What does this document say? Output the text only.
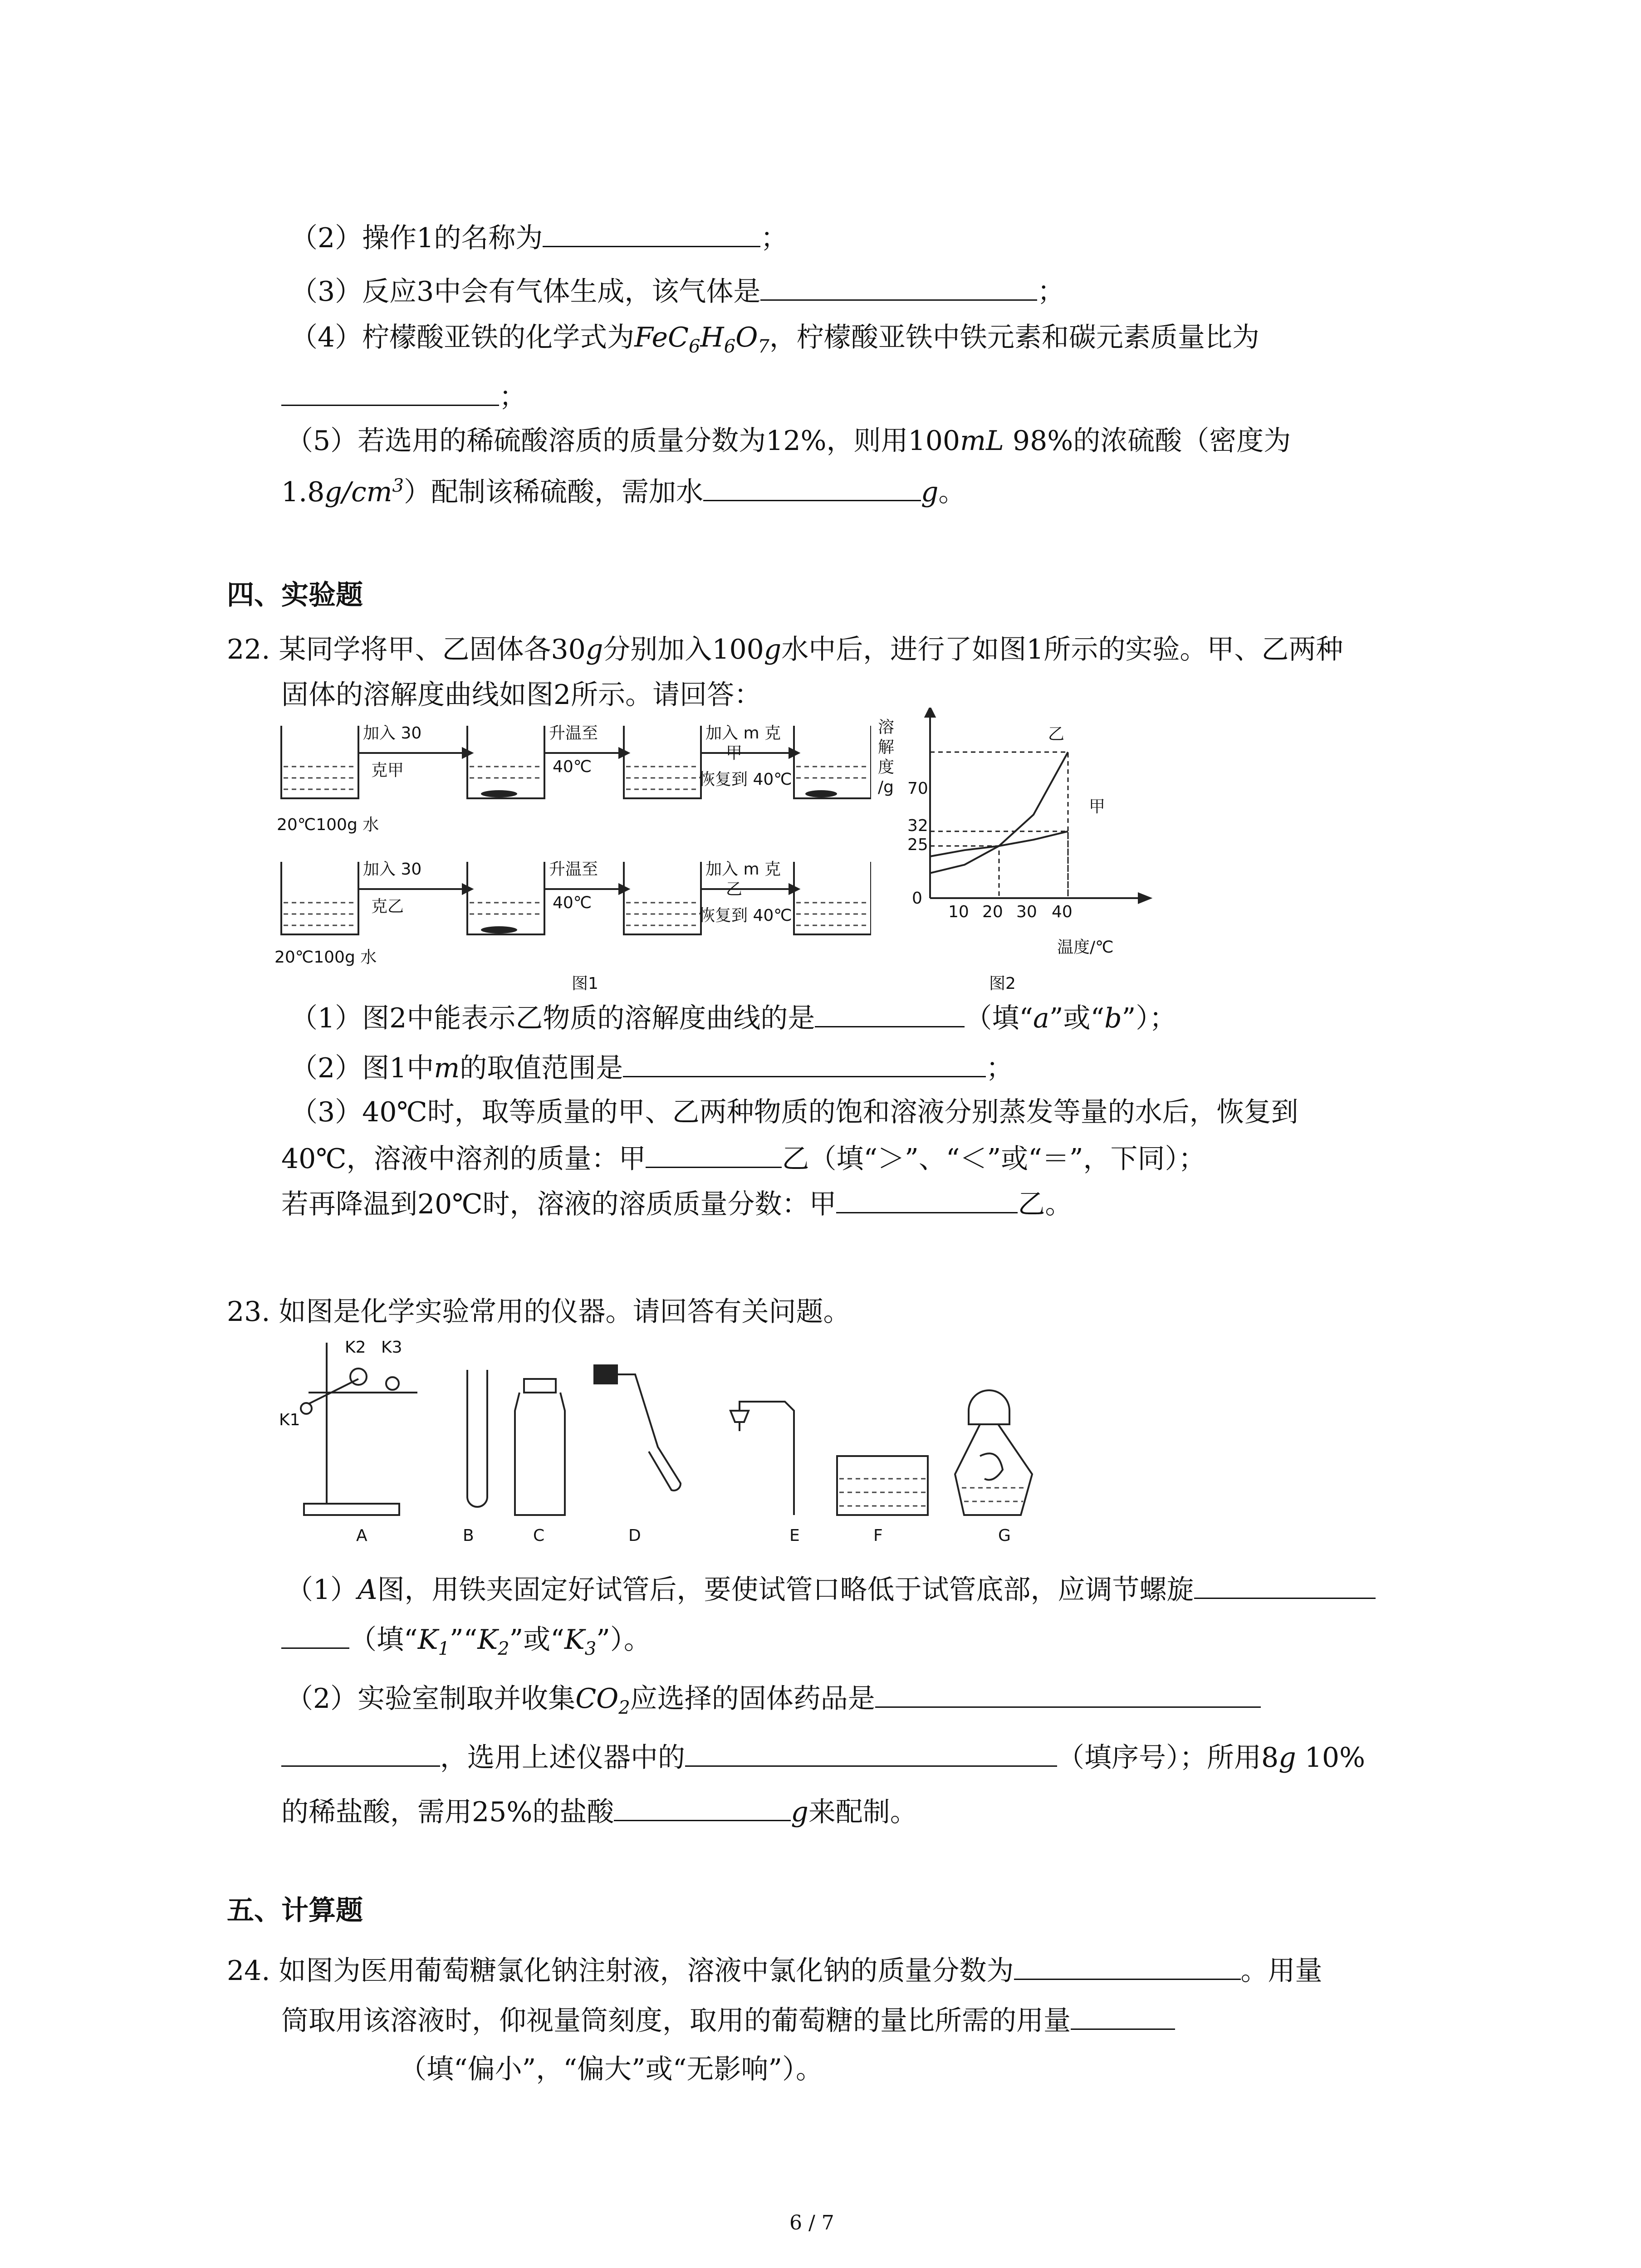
（2）操作1的名称为	；
（3）反应3中会有气体生成，该气体是	；
（4）柠檬酸亚铁的化学式为$FeC_6H_6O_7$，柠檬酸亚铁中铁元素和碳元素质量比为
；
（5）若选用的稀硫酸溶质的质量分数为12%，则用100mL 98%的浓硫酸（密度为
$1.8g/cm^3$）配制该稀硫酸，需加水	g。
四、实验题
22. 某同学将甲、乙固体各30g分别加入100g水中后，进行了如图1所示的实验。甲、乙两种
固体的溶解度曲线如图2所示。请回答：
加入 30
克甲
升温至
40℃
加入 m 克
甲
恢复到 40℃
20℃100g 水
加入 30
克乙
升温至
40℃
加入 m 克
乙
恢复到 40℃
20℃100g 水
图1
溶
解
度
/g 70
32
25
0
10 20 30 40
乙
甲
温度/℃
图2
（1）图2中能表示乙物质的溶解度曲线的是	（填“a”或“b”）；
（2）图1中m的取值范围是	；
（3）40℃时，取等质量的甲、乙两种物质的饱和溶液分别蒸发等量的水后，恢复到
40℃，溶液中溶剂的质量：甲	乙（填“＞”、“＜”或“＝”，下同）；
若再降温到20℃时，溶液的溶质质量分数：甲	乙。
23. 如图是化学实验常用的仪器。请回答有关问题。
K2 K3
K1
A	B	C	D	E	F	G
（1）A图，用铁夹固定好试管后，要使试管口略低于试管底部，应调节螺旋
（填“$K_1”“K_2$”或“$K_3$”）。
（2）实验室制取并收集$CO_2$应选择的固体药品是
，选用上述仪器中的	（填序号）；所用8g 10%
的稀盐酸，需用25%的盐酸	g来配制。
五、计算题
24. 如图为医用葡萄糖氯化钠注射液，溶液中氯化钠的质量分数为	。用量
筒取用该溶液时，仰视量筒刻度，取用的葡萄糖的量比所需的用量
（填“偏小”，“偏大”或“无影响”）。
6 / 7
